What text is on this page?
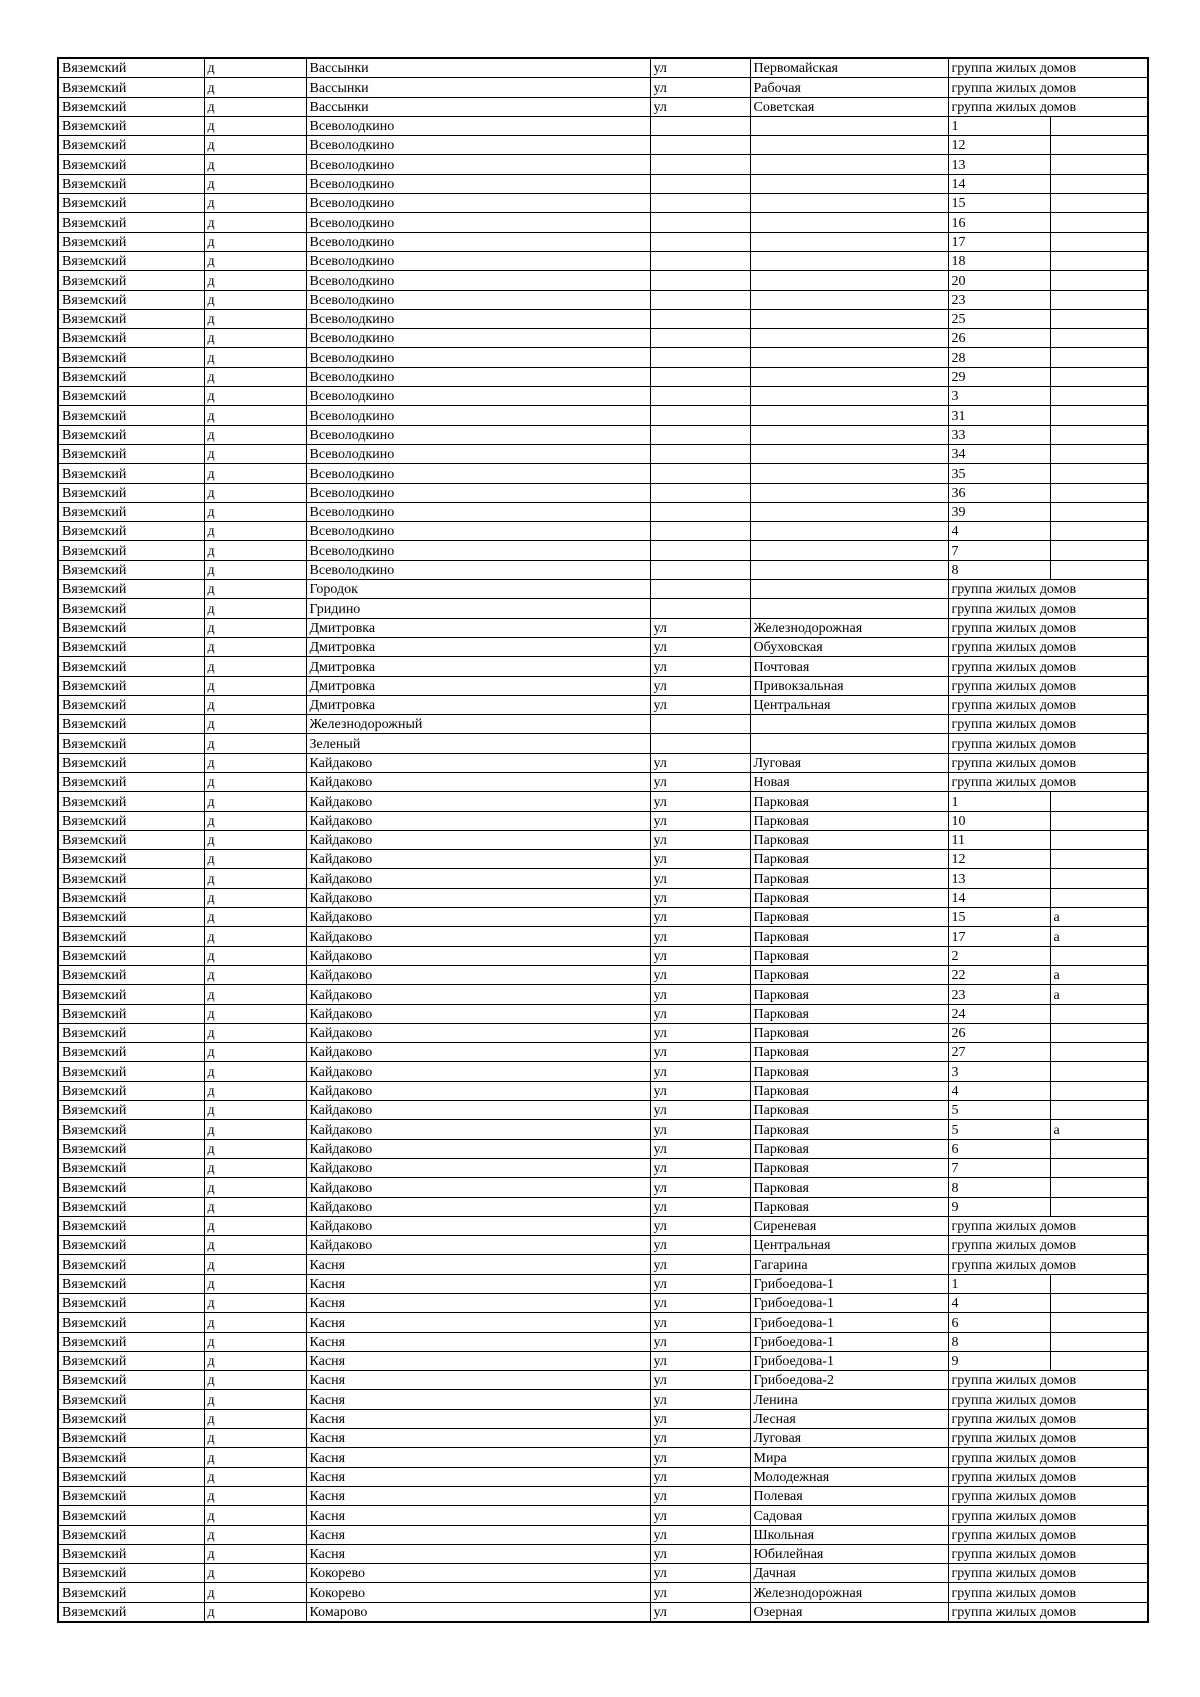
Вяземский	д	Вассынки	ул	Первомайская	группа жилых домов	
Вяземский	д	Вассынки	ул	Рабочая	группа жилых домов	
Вяземский	д	Вассынки	ул	Советская	группа жилых домов	
Вяземский	д	Всеволодкино			1	
Вяземский	д	Всеволодкино			12	
Вяземский	д	Всеволодкино			13	
Вяземский	д	Всеволодкино			14	
Вяземский	д	Всеволодкино			15	
Вяземский	д	Всеволодкино			16	
Вяземский	д	Всеволодкино			17	
Вяземский	д	Всеволодкино			18	
Вяземский	д	Всеволодкино			20	
Вяземский	д	Всеволодкино			23	
Вяземский	д	Всеволодкино			25	
Вяземский	д	Всеволодкино			26	
Вяземский	д	Всеволодкино			28	
Вяземский	д	Всеволодкино			29	
Вяземский	д	Всеволодкино			3	
Вяземский	д	Всеволодкино			31	
Вяземский	д	Всеволодкино			33	
Вяземский	д	Всеволодкино			34	
Вяземский	д	Всеволодкино			35	
Вяземский	д	Всеволодкино			36	
Вяземский	д	Всеволодкино			39	
Вяземский	д	Всеволодкино			4	
Вяземский	д	Всеволодкино			7	
Вяземский	д	Всеволодкино			8	
Вяземский	д	Городок			группа жилых домов	
Вяземский	д	Гридино			группа жилых домов	
Вяземский	д	Дмитровка	ул	Железнодорожная	группа жилых домов	
Вяземский	д	Дмитровка	ул	Обуховская	группа жилых домов	
Вяземский	д	Дмитровка	ул	Почтовая	группа жилых домов	
Вяземский	д	Дмитровка	ул	Привокзальная	группа жилых домов	
Вяземский	д	Дмитровка	ул	Центральная	группа жилых домов	
Вяземский	д	Железнодорожный			группа жилых домов	
Вяземский	д	Зеленый			группа жилых домов	
Вяземский	д	Кайдаково	ул	Луговая	группа жилых домов	
Вяземский	д	Кайдаково	ул	Новая	группа жилых домов	
Вяземский	д	Кайдаково	ул	Парковая	1	
Вяземский	д	Кайдаково	ул	Парковая	10	
Вяземский	д	Кайдаково	ул	Парковая	11	
Вяземский	д	Кайдаково	ул	Парковая	12	
Вяземский	д	Кайдаково	ул	Парковая	13	
Вяземский	д	Кайдаково	ул	Парковая	14	
Вяземский	д	Кайдаково	ул	Парковая	15	а
Вяземский	д	Кайдаково	ул	Парковая	17	а
Вяземский	д	Кайдаково	ул	Парковая	2	
Вяземский	д	Кайдаково	ул	Парковая	22	а
Вяземский	д	Кайдаково	ул	Парковая	23	а
Вяземский	д	Кайдаково	ул	Парковая	24	
Вяземский	д	Кайдаково	ул	Парковая	26	
Вяземский	д	Кайдаково	ул	Парковая	27	
Вяземский	д	Кайдаково	ул	Парковая	3	
Вяземский	д	Кайдаково	ул	Парковая	4	
Вяземский	д	Кайдаково	ул	Парковая	5	
Вяземский	д	Кайдаково	ул	Парковая	5	а
Вяземский	д	Кайдаково	ул	Парковая	6	
Вяземский	д	Кайдаково	ул	Парковая	7	
Вяземский	д	Кайдаково	ул	Парковая	8	
Вяземский	д	Кайдаково	ул	Парковая	9	
Вяземский	д	Кайдаково	ул	Сиреневая	группа жилых домов	
Вяземский	д	Кайдаково	ул	Центральная	группа жилых домов	
Вяземский	д	Касня	ул	Гагарина	группа жилых домов	
Вяземский	д	Касня	ул	Грибоедова-1	1	
Вяземский	д	Касня	ул	Грибоедова-1	4	
Вяземский	д	Касня	ул	Грибоедова-1	6	
Вяземский	д	Касня	ул	Грибоедова-1	8	
Вяземский	д	Касня	ул	Грибоедова-1	9	
Вяземский	д	Касня	ул	Грибоедова-2	группа жилых домов	
Вяземский	д	Касня	ул	Ленина	группа жилых домов	
Вяземский	д	Касня	ул	Лесная	группа жилых домов	
Вяземский	д	Касня	ул	Луговая	группа жилых домов	
Вяземский	д	Касня	ул	Мира	группа жилых домов	
Вяземский	д	Касня	ул	Молодежная	группа жилых домов	
Вяземский	д	Касня	ул	Полевая	группа жилых домов	
Вяземский	д	Касня	ул	Садовая	группа жилых домов	
Вяземский	д	Касня	ул	Школьная	группа жилых домов	
Вяземский	д	Касня	ул	Юбилейная	группа жилых домов	
Вяземский	д	Кокорево	ул	Дачная	группа жилых домов	
Вяземский	д	Кокорево	ул	Железнодорожная	группа жилых домов	
Вяземский	д	Комарово	ул	Озерная	группа жилых домов	
